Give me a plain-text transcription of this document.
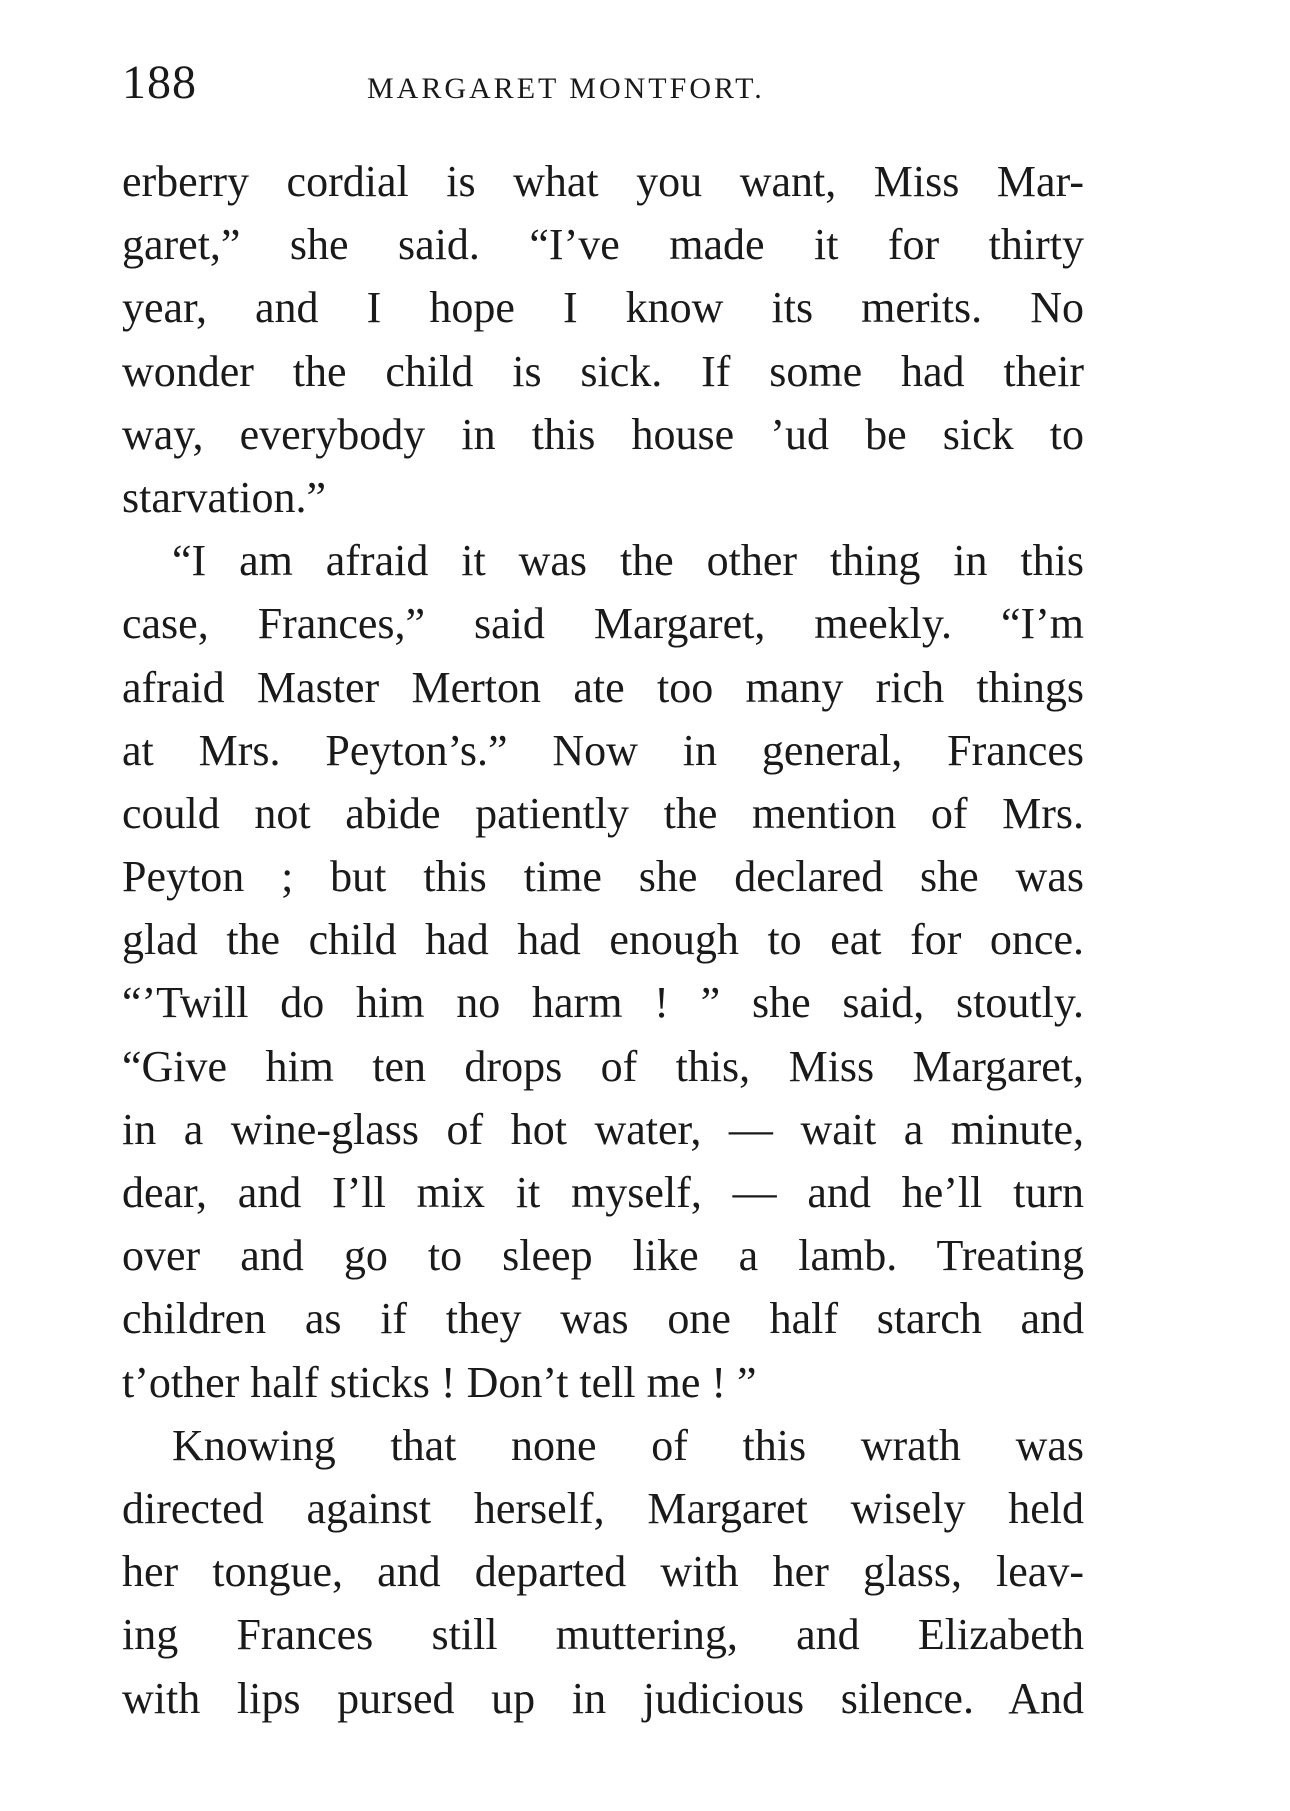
188	MARGARET MONTFORT.
erberry cordial is what you want, Miss Mar-
garet,” she said. “I’ve made it for thirty
year, and I hope I know its merits. No
wonder the child is sick. If some had their
way, everybody in this house ’ud be sick to
starvation.”
“I am afraid it was the other thing in this
case, Frances,” said Margaret, meekly. “I’m
afraid Master Merton ate too many rich things
at Mrs. Peyton’s.” Now in general, Frances
could not abide patiently the mention of Mrs.
Peyton ; but this time she declared she was
glad the child had had enough to eat for once.
“’Twill do him no harm ! ” she said, stoutly.
“Give him ten drops of this, Miss Margaret,
in a wine-glass of hot water, — wait a minute,
dear, and I’ll mix it myself, — and he’ll turn
over and go to sleep like a lamb. Treating
children as if they was one half starch and
t’other half sticks ! Don’t tell me ! ”
Knowing that none of this wrath was
directed against herself, Margaret wisely held
her tongue, and departed with her glass, leav-
ing Frances still muttering, and Elizabeth
with lips pursed up in judicious silence. And
